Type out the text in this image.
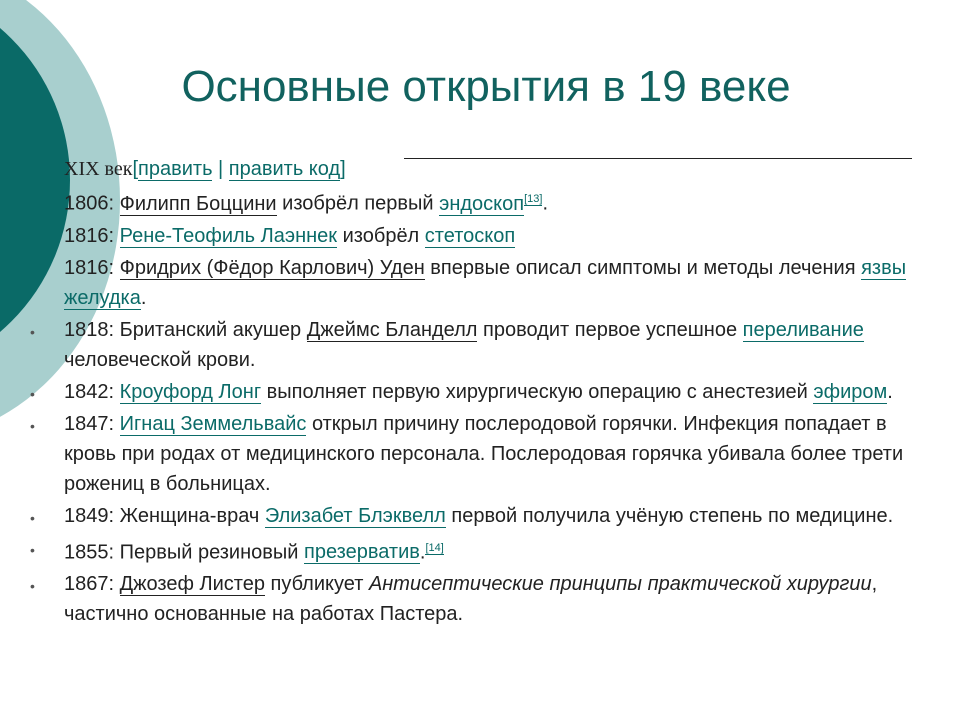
Основные открытия в 19 веке
XIX век[править | править код]
1806: Филипп Боццини изобрёл первый эндоскоп[13].
1816: Рене-Теофиль Лаэннек изобрёл стетоскоп
1816: Фридрих (Фёдор Карлович) Уден впервые описал симптомы и методы лечения язвы желудка.
• 1818: Британский акушер Джеймс Бланделл проводит первое успешное переливание человеческой крови.
• 1842: Кроуфорд Лонг выполняет первую хирургическую операцию с анестезией эфиром.
• 1847: Игнац Земмельвайс открыл причину послеродовой горячки. Инфекция попадает в кровь при родах от медицинского персонала. Послеродовая горячка убивала более трети рожениц в больницах.
• 1849: Женщина-врач Элизабет Блэквелл первой получила учёную степень по медицине.
• 1855: Первый резиновый презерватив.[14]
• 1867: Джозеф Листер публикует Антисептические принципы практической хирургии, частично основанные на работах Пастера.
